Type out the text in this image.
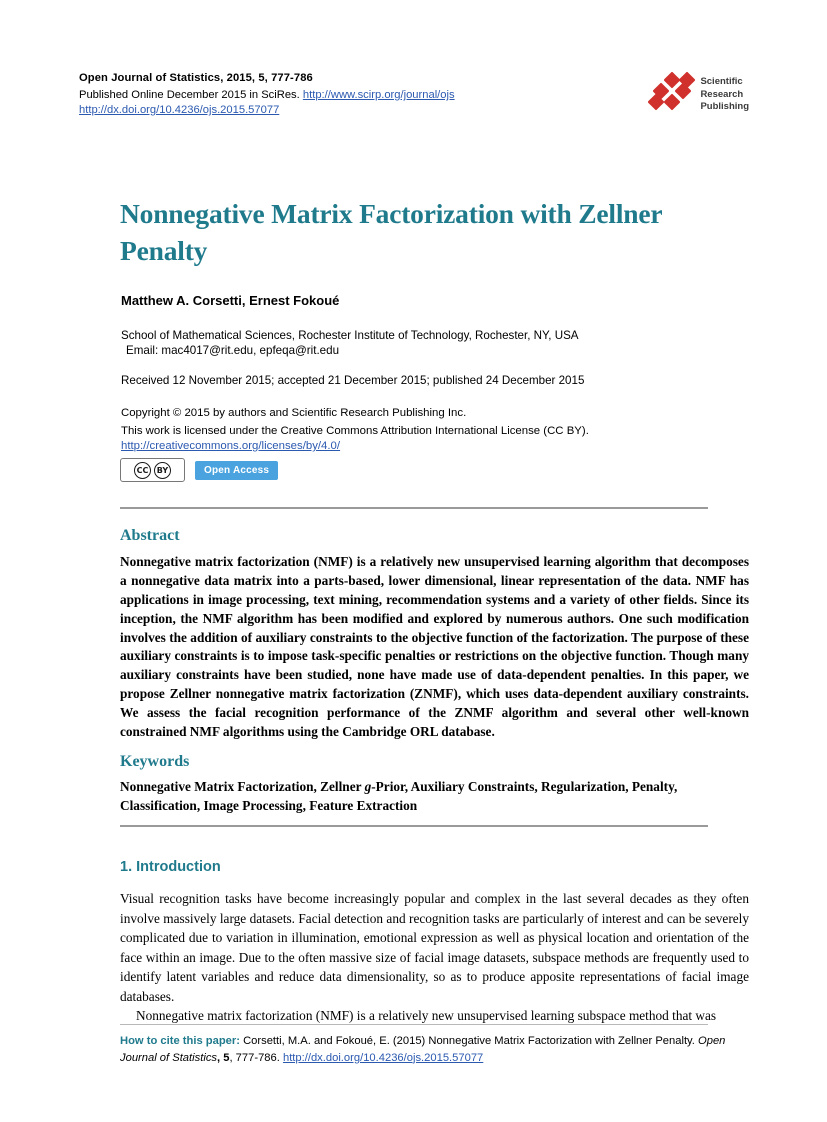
Open Journal of Statistics, 2015, 5, 777-786
Published Online December 2015 in SciRes. http://www.scirp.org/journal/ojs
http://dx.doi.org/10.4236/ojs.2015.57077
Scientific
Research
Publishing
Nonnegative Matrix Factorization with Zellner Penalty
Matthew A. Corsetti, Ernest Fokoué
School of Mathematical Sciences, Rochester Institute of Technology, Rochester, NY, USA
Email: mac4017@rit.edu, epfeqa@rit.edu
Received 12 November 2015; accepted 21 December 2015; published 24 December 2015
Copyright © 2015 by authors and Scientific Research Publishing Inc.
This work is licensed under the Creative Commons Attribution International License (CC BY).
http://creativecommons.org/licenses/by/4.0/
CC	BY	Open Access
Abstract
Nonnegative matrix factorization (NMF) is a relatively new unsupervised learning algorithm that decomposes a nonnegative data matrix into a parts-based, lower dimensional, linear representation of the data. NMF has applications in image processing, text mining, recommendation systems and a variety of other fields. Since its inception, the NMF algorithm has been modified and explored by numerous authors. One such modification involves the addition of auxiliary constraints to the objective function of the factorization. The purpose of these auxiliary constraints is to impose task-specific penalties or restrictions on the objective function. Though many auxiliary constraints have been studied, none have made use of data-dependent penalties. In this paper, we propose Zellner nonnegative matrix factorization (ZNMF), which uses data-dependent auxiliary constraints. We assess the facial recognition performance of the ZNMF algorithm and several other well-known constrained NMF algorithms using the Cambridge ORL database.
Keywords
Nonnegative Matrix Factorization, Zellner g-Prior, Auxiliary Constraints, Regularization, Penalty, Classification, Image Processing, Feature Extraction
1. Introduction

Visual recognition tasks have become increasingly popular and complex in the last several decades as they often involve massively large datasets. Facial detection and recognition tasks are particularly of interest and can be severely complicated due to variation in illumination, emotional expression as well as physical location and orientation of the face within an image. Due to the often massive size of facial image datasets, subspace methods are frequently used to identify latent variables and reduce data dimensionality, so as to produce apposite representations of facial image databases.

Nonnegative matrix factorization (NMF) is a relatively new unsupervised learning subspace method that was

How to cite this paper: Corsetti, M.A. and Fokoué, E. (2015) Nonnegative Matrix Factorization with Zellner Penalty. Open Journal of Statistics, 5, 777-786. http://dx.doi.org/10.4236/ojs.2015.57077
